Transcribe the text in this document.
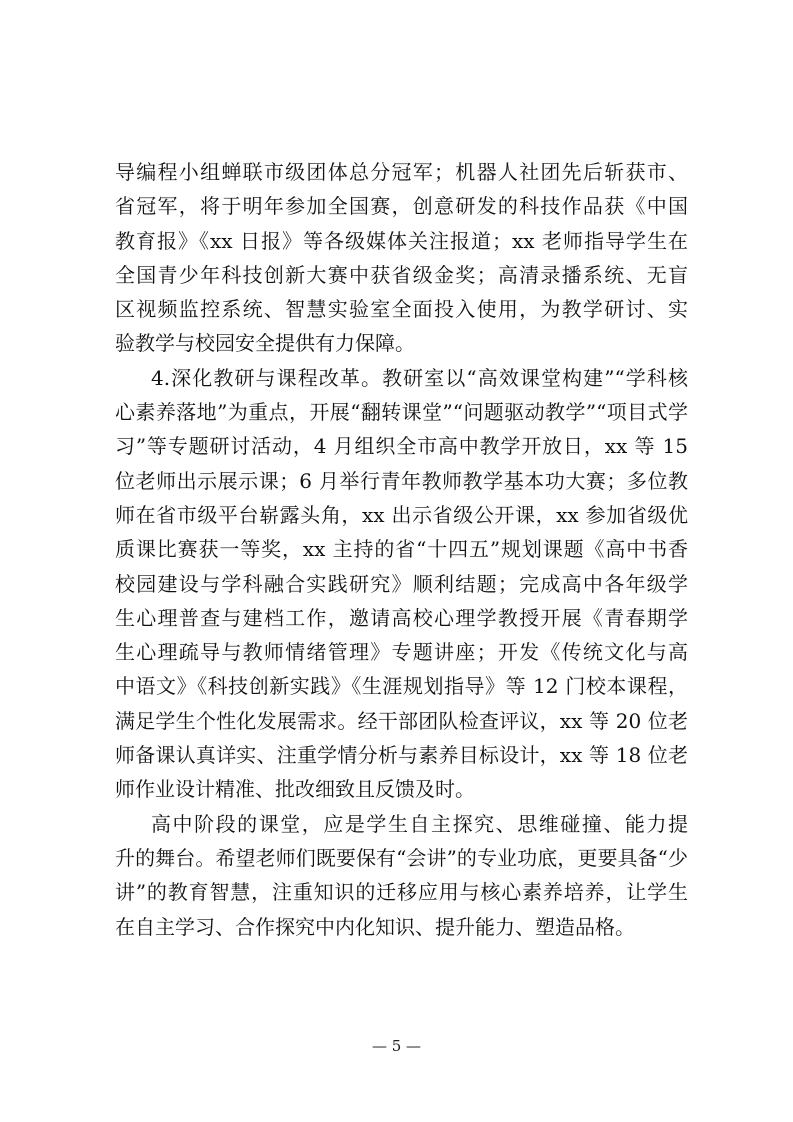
导编程小组蝉联市级团体总分冠军；机器人社团先后斩获市、
省冠军，将于明年参加全国赛，创意研发的科技作品获《中国
教育报》《xx 日报》等各级媒体关注报道；xx 老师指导学生在
全国青少年科技创新大赛中获省级金奖；高清录播系统、无盲
区视频监控系统、智慧实验室全面投入使用，为教学研讨、实
验教学与校园安全提供有力保障。
4.深化教研与课程改革。教研室以“高效课堂构建”“学科核
心素养落地”为重点，开展“翻转课堂”“问题驱动教学”“项目式学
习”等专题研讨活动，4 月组织全市高中教学开放日，xx 等 15
位老师出示展示课；6 月举行青年教师教学基本功大赛；多位教
师在省市级平台崭露头角，xx 出示省级公开课，xx 参加省级优
质课比赛获一等奖，xx 主持的省“十四五”规划课题《高中书香
校园建设与学科融合实践研究》顺利结题；完成高中各年级学
生心理普查与建档工作，邀请高校心理学教授开展《青春期学
生心理疏导与教师情绪管理》专题讲座；开发《传统文化与高
中语文》《科技创新实践》《生涯规划指导》等 12 门校本课程，
满足学生个性化发展需求。经干部团队检查评议，xx 等 20 位老
师备课认真详实、注重学情分析与素养目标设计，xx 等 18 位老
师作业设计精准、批改细致且反馈及时。
高中阶段的课堂，应是学生自主探究、思维碰撞、能力提
升的舞台。希望老师们既要保有“会讲”的专业功底，更要具备“少
讲”的教育智慧，注重知识的迁移应用与核心素养培养，让学生
在自主学习、合作探究中内化知识、提升能力、塑造品格。
— 5 —
